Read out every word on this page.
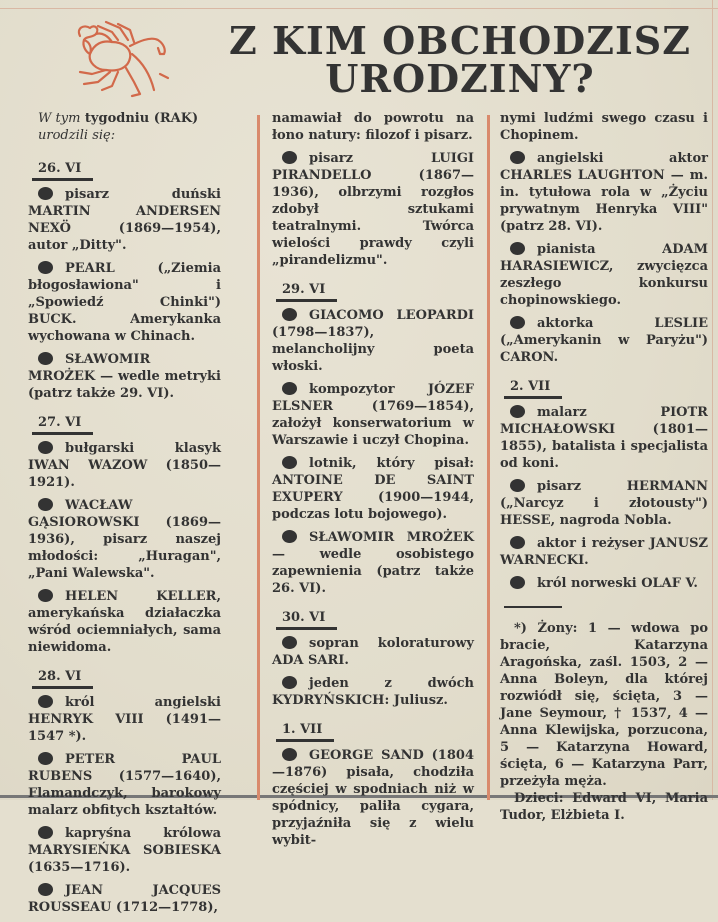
Z KIM OBCHODZISZ
URODZINY?
W tym tygodniu (RAK)
urodzili się:
26. VI
pisarz duński MARTIN ANDERSEN NEXÖ (1869—1954), autor „Ditty".
PEARL („Ziemia błogosławiona" i „Spowiedź Chinki") BUCK. Amerykanka wychowana w Chinach.
SŁAWOMIR MROŻEK — wedle metryki (patrz także 29. VI).
27. VI
bułgarski klasyk IWAN WAZOW (1850—1921).
WACŁAW GĄSIOROWSKI (1869—1936), pisarz naszej młodości: „Huragan", „Pani Walewska".
HELEN KELLER, amerykańska działaczka wśród ociemniałych, sama niewidoma.
28. VI
król angielski HENRYK VIII (1491—1547 *).
PETER PAUL RUBENS (1577—1640), Flamandczyk, barokowy malarz obfitych kształtów.
kapryśna królowa MARYSIEŃKA SOBIESKA (1635—1716).
JEAN JACQUES ROUSSEAU (1712—1778),
namawiał do powrotu na łono natury: filozof i pisarz.
pisarz LUIGI PIRANDELLO (1867—1936), olbrzymi rozgłos zdobył sztukami teatralnymi. Twórca wielości prawdy czyli „pirandelizmu".
29. VI
GIACOMO LEOPARDI (1798—1837), melancholijny poeta włoski.
kompozytor JÓZEF ELSNER (1769—1854), założył konserwatorium w Warszawie i uczył Chopina.
lotnik, który pisał: ANTOINE DE SAINT EXUPERY (1900—1944, podczas lotu bojowego).
SŁAWOMIR MROŻEK — wedle osobistego zapewnienia (patrz także 26. VI).
30. VI
sopran koloraturowy ADA SARI.
jeden z dwóch KYDRYŃSKICH: Juliusz.
1. VII
GEORGE SAND (1804—1876) pisała, chodziła częściej w spodniach niż w spódnicy, paliła cygara, przyjaźniła się z wielu wybit-
nymi ludźmi swego czasu i Chopinem.
angielski aktor CHARLES LAUGHTON — m. in. tytułowa rola w „Życiu prywatnym Henryka VIII" (patrz 28. VI).
pianista ADAM HARASIEWICZ, zwycięzca zeszłego konkursu chopinowskiego.
aktorka LESLIE („Amerykanin w Paryżu") CARON.
2. VII
malarz PIOTR MICHAŁOWSKI (1801—1855), batalista i specjalista od koni.
pisarz HERMANN („Narcyz i złotousty") HESSE, nagroda Nobla.
aktor i reżyser JANUSZ WARNECKI.
król norweski OLAF V.
*) Żony: 1 — wdowa po bracie, Katarzyna Aragońska, zaśl. 1503, 2 — Anna Boleyn, dla której rozwiódł się, ścięta, 3 — Jane Seymour, † 1537, 4 — Anna Klewijska, porzucona, 5 — Katarzyna Howard, ścięta, 6 — Katarzyna Parr, przeżyła męża.
Dzieci: Edward VI, Maria Tudor, Elżbieta I.
